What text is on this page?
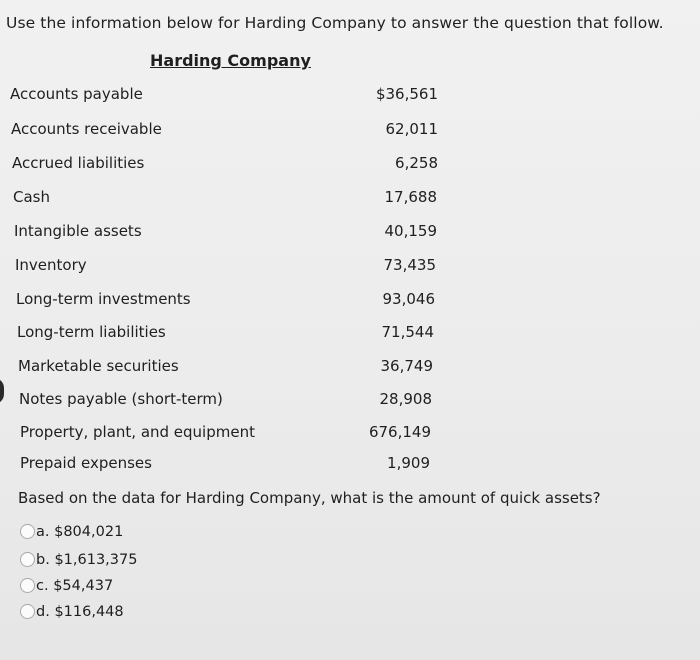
Use the information below for Harding Company to answer the question that follow.
Harding Company
Accounts payable	$36,561
Accounts receivable	62,011
Accrued liabilities	6,258
Cash	17,688
Intangible assets	40,159
Inventory	73,435
Long-term investments	93,046
Long-term liabilities	71,544
Marketable securities	36,749
Notes payable (short-term)	28,908
Property, plant, and equipment	676,149
Prepaid expenses	1,909
Based on the data for Harding Company, what is the amount of quick assets?
a. $804,021
b. $1,613,375
c. $54,437
d. $116,448
